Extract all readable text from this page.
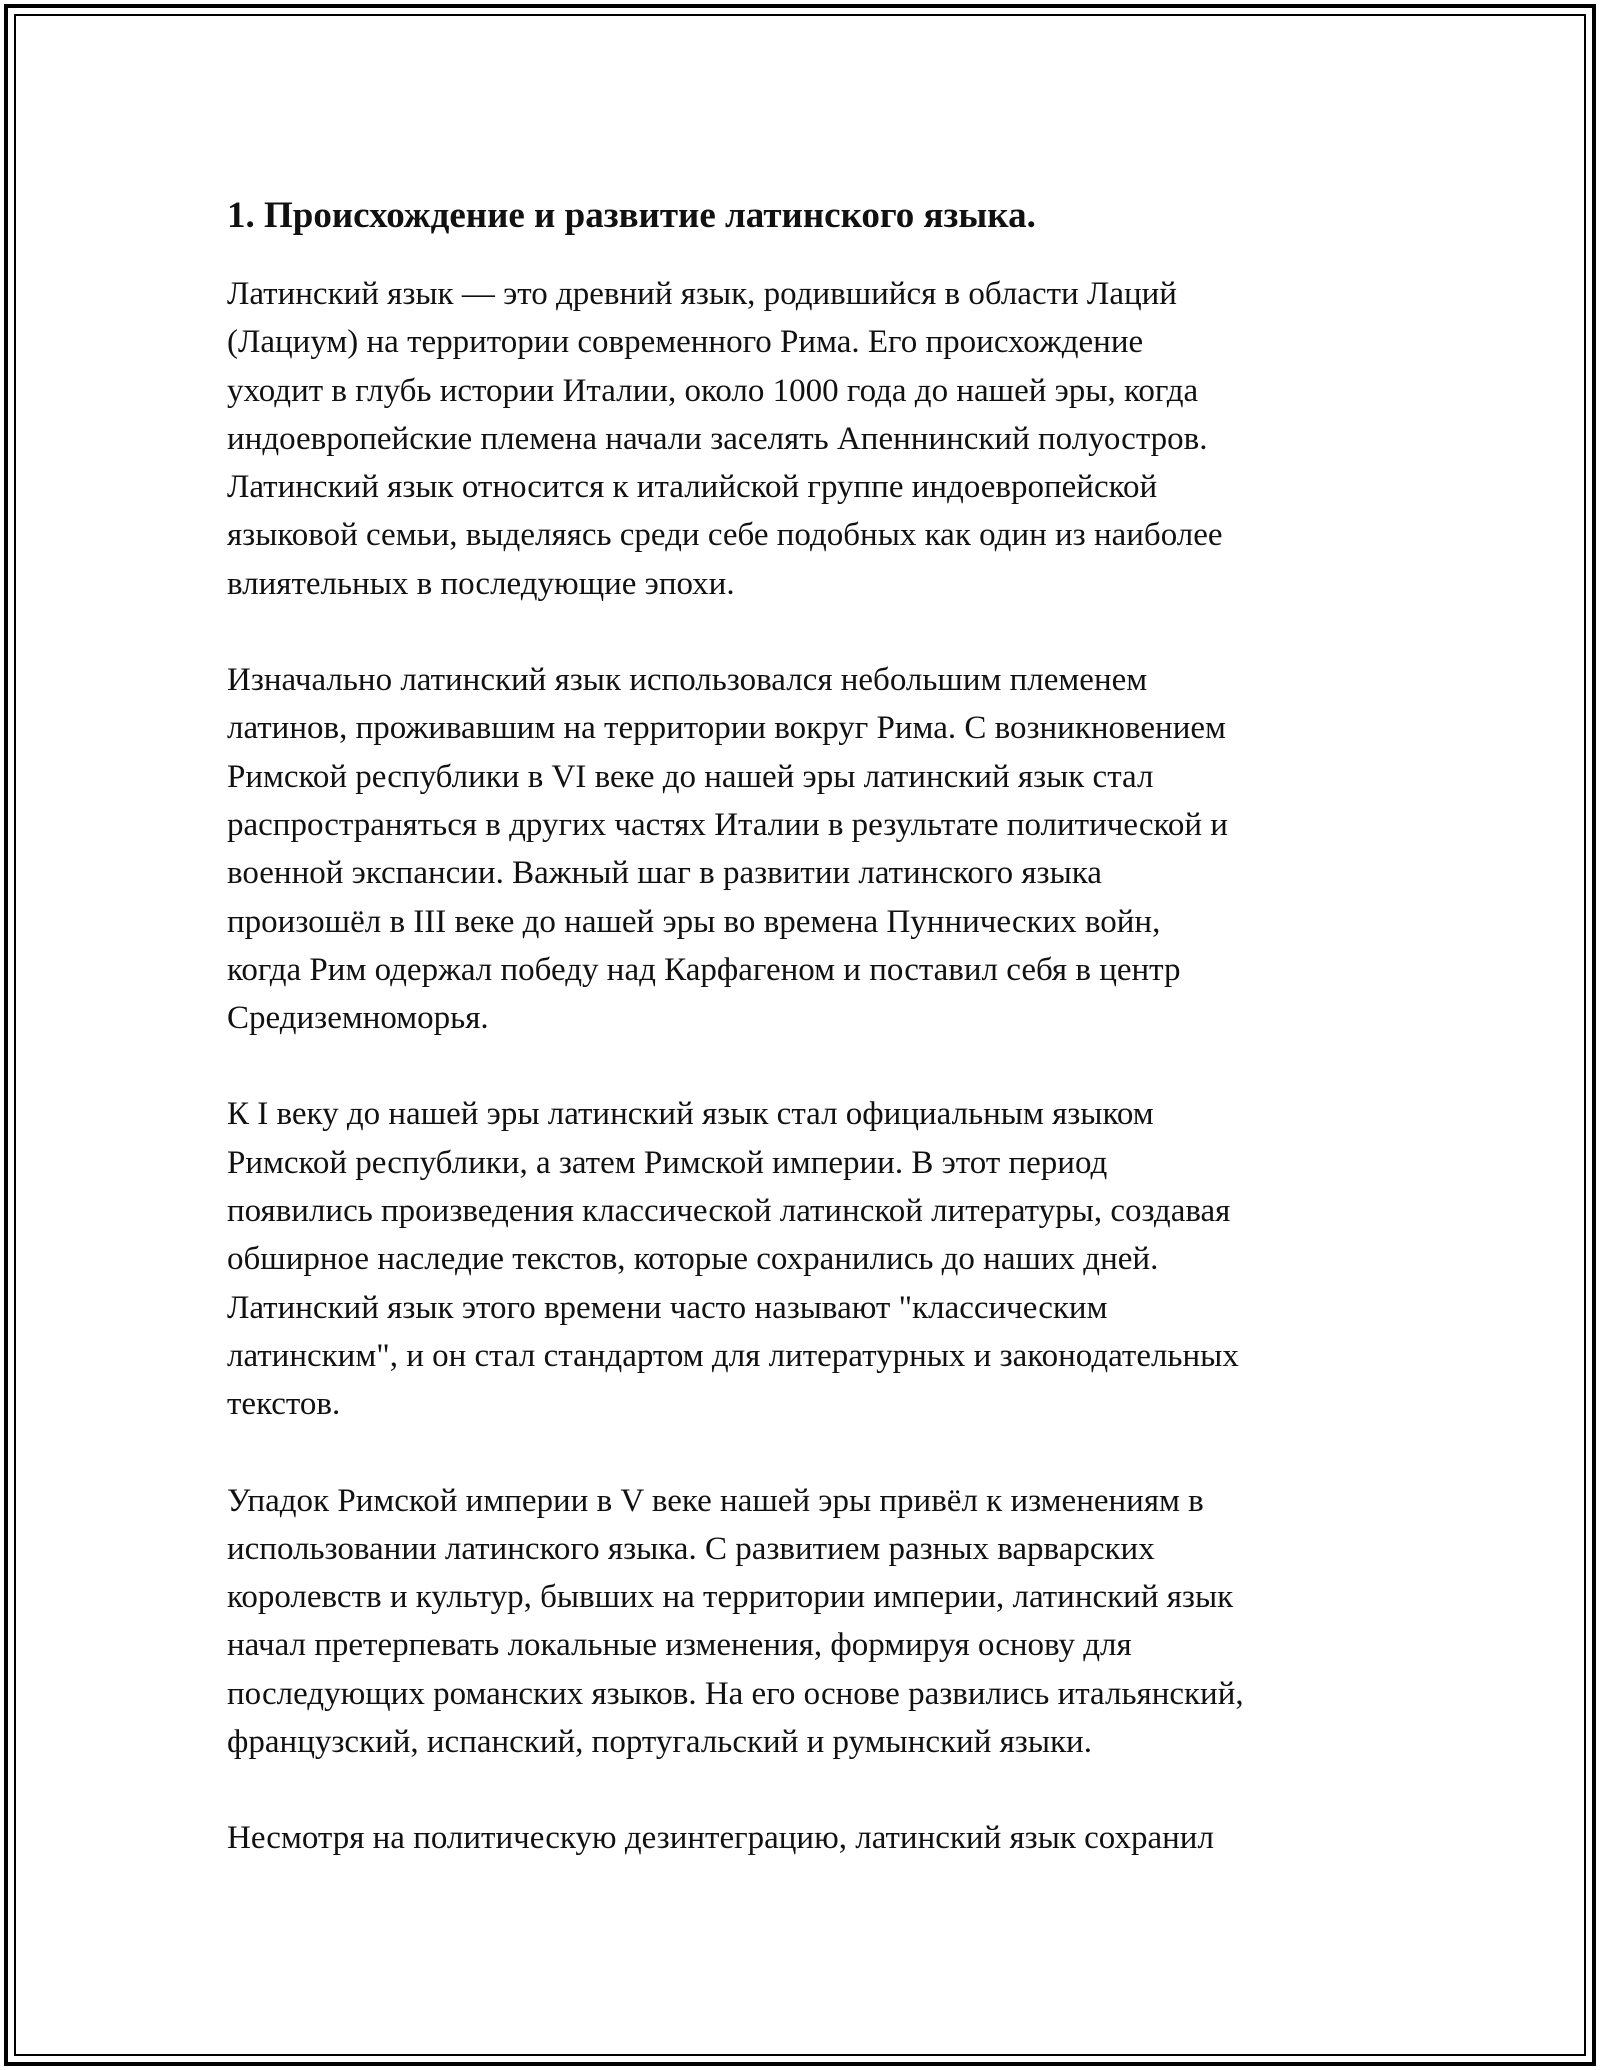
1. Происхождение и развитие латинского языка.
Латинский язык — это древний язык, родившийся в области Лаций
(Лациум) на территории современного Рима. Его происхождение
уходит в глубь истории Италии, около 1000 года до нашей эры, когда
индоевропейские племена начали заселять Апеннинский полуостров.
Латинский язык относится к италийской группе индоевропейской
языковой семьи, выделяясь среди себе подобных как один из наиболее
влиятельных в последующие эпохи.
Изначально латинский язык использовался небольшим племенем
латинов, проживавшим на территории вокруг Рима. С возникновением
Римской республики в VI веке до нашей эры латинский язык стал
распространяться в других частях Италии в результате политической и
военной экспансии. Важный шаг в развитии латинского языка
произошёл в III веке до нашей эры во времена Пуннических войн,
когда Рим одержал победу над Карфагеном и поставил себя в центр
Средиземноморья.
К I веку до нашей эры латинский язык стал официальным языком
Римской республики, а затем Римской империи. В этот период
появились произведения классической латинской литературы, создавая
обширное наследие текстов, которые сохранились до наших дней.
Латинский язык этого времени часто называют "классическим
латинским", и он стал стандартом для литературных и законодательных
текстов.
Упадок Римской империи в V веке нашей эры привёл к изменениям в
использовании латинского языка. С развитием разных варварских
королевств и культур, бывших на территории империи, латинский язык
начал претерпевать локальные изменения, формируя основу для
последующих романских языков. На его основе развились итальянский,
французский, испанский, португальский и румынский языки.
Несмотря на политическую дезинтеграцию, латинский язык сохранил
